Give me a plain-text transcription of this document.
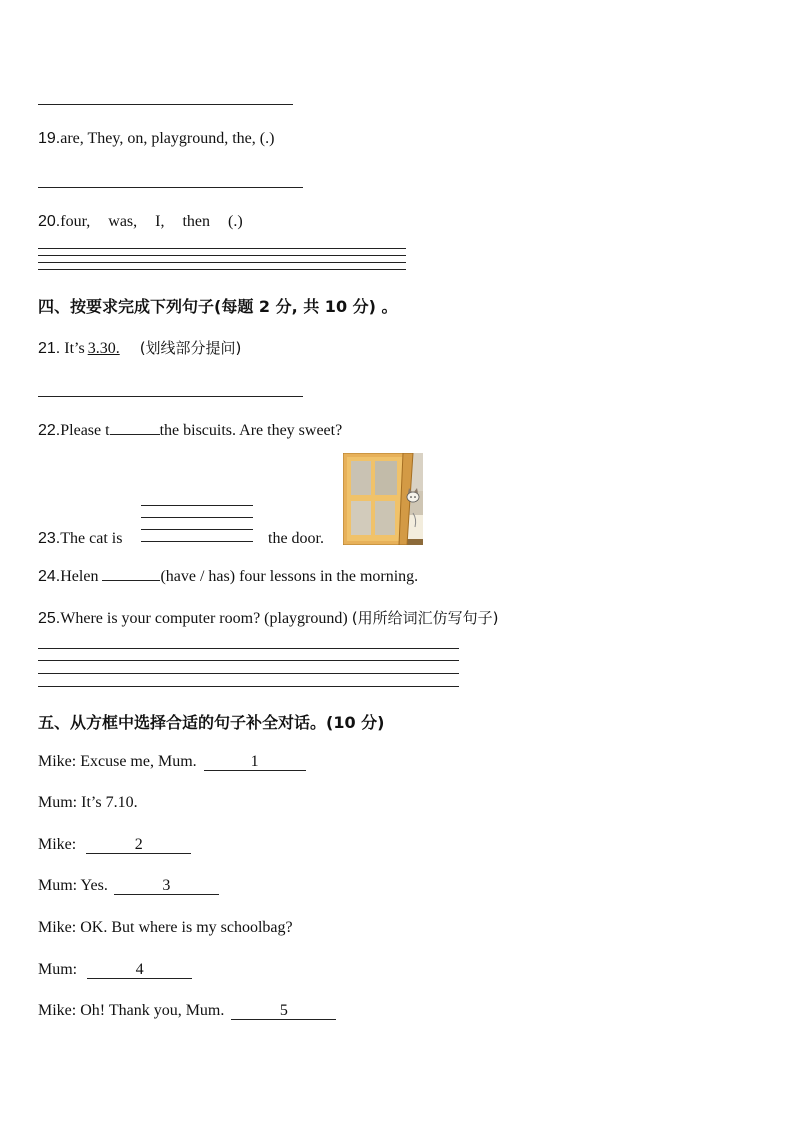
19.are, They, on, playground, the, (.)
20.four, was, I, then (.)
四、按要求完成下列句子(每题 2 分, 共 10 分) 。
21. It’s 3.30. (划线部分提问)
22.Please t	the biscuits. Are they sweet?
23.The cat is	the door.
24.Helen	(have / has) four lessons in the morning.
25.Where is your computer room? (playground) (用所给词汇仿写句子)
五、从方框中选择合适的句子补全对话。(10 分)
Mike: Excuse me, Mum.	1
Mum: It’s 7.10.
Mike:	2
Mum: Yes.	3
Mike: OK. But where is my schoolbag?
Mum:	4
Mike: Oh! Thank you, Mum.	5
